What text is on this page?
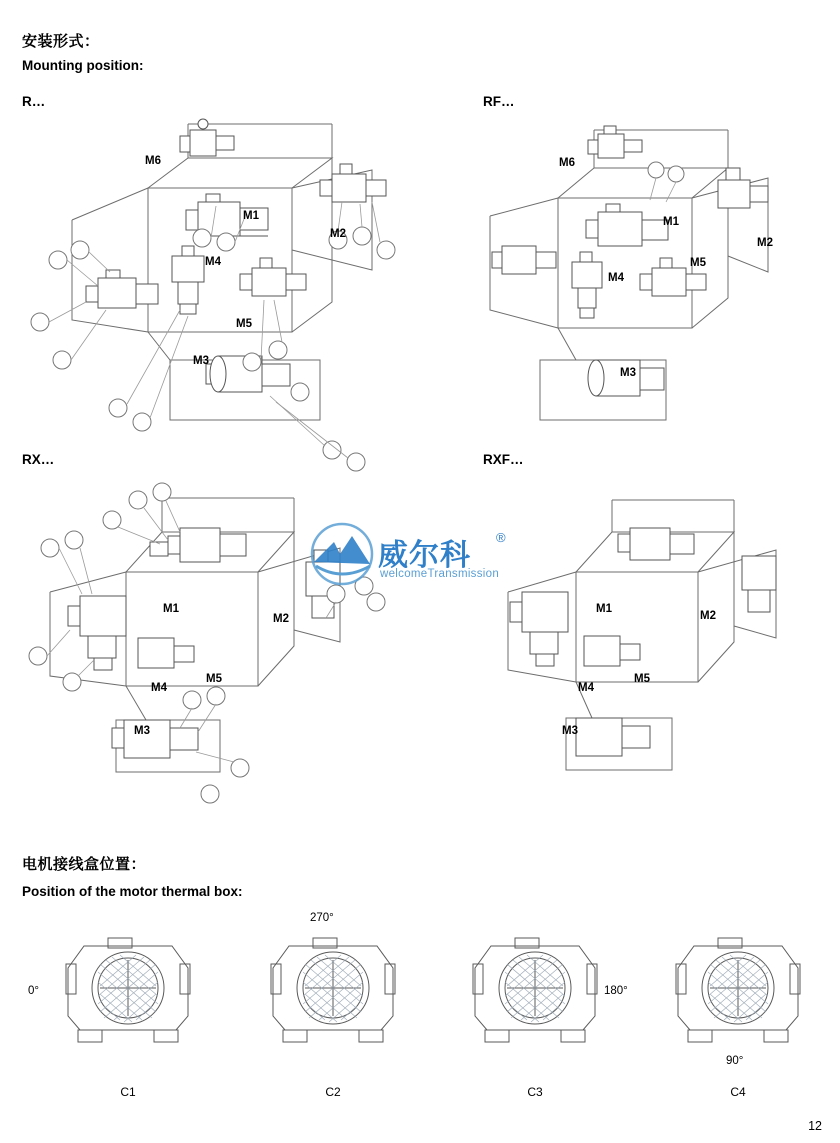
安装形式：
Mounting position:
R…	RF…
RX…	RXF…
M6
M1
M2
M4
M5
M3
M6
M1
M2
M4
M5
M3
M1
M2
M4
M5
M3
M1
M2
M4
M5
M3
威尔科
®
welcomeTransmission
电机接线盒位置：
Position of the motor thermal box:
0°
C1
270°
C2
180°
C3
90°
C4
12
